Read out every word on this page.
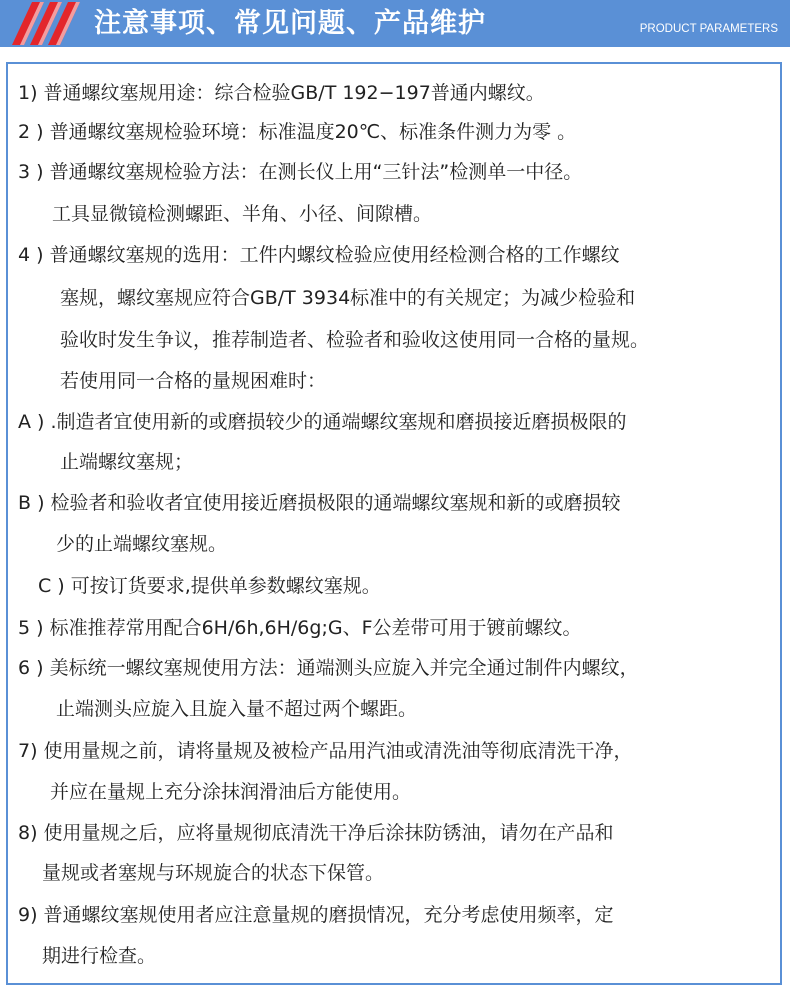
注意事项、常见问题、产品维护	PRODUCT PARAMETERS
1) 普通螺纹塞规用途：综合检验GB/T 192−197普通内螺纹。
2 ) 普通螺纹塞规检验环境：标准温度20℃、标准条件测力为零 。
3 ) 普通螺纹塞规检验方法：在测长仪上用“三针法”检测单一中径。
工具显微镜检测螺距、半角、小径、间隙槽。
4 ) 普通螺纹塞规的选用：工件内螺纹检验应使用经检测合格的工作螺纹
塞规，螺纹塞规应符合GB/T 3934标准中的有关规定；为减少检验和
验收时发生争议，推荐制造者、检验者和验收这使用同一合格的量规。
若使用同一合格的量规困难时：
A ) .制造者宜使用新的或磨损较少的通端螺纹塞规和磨损接近磨损极限的
止端螺纹塞规；
B ) 检验者和验收者宜使用接近磨损极限的通端螺纹塞规和新的或磨损较
少的止端螺纹塞规。
C ) 可按订货要求,提供单参数螺纹塞规。
5 ) 标准推荐常用配合6H/6h,6H/6g;G、F公差带可用于镀前螺纹。
6 ) 美标统一螺纹塞规使用方法：通端测头应旋入并完全通过制件内螺纹，
止端测头应旋入且旋入量不超过两个螺距。
7) 使用量规之前，请将量规及被检产品用汽油或清洗油等彻底清洗干净，
并应在量规上充分涂抹润滑油后方能使用。
8) 使用量规之后，应将量规彻底清洗干净后涂抹防锈油，请勿在产品和
量规或者塞规与环规旋合的状态下保管。
9) 普通螺纹塞规使用者应注意量规的磨损情况，充分考虑使用频率，定
期进行检查。
